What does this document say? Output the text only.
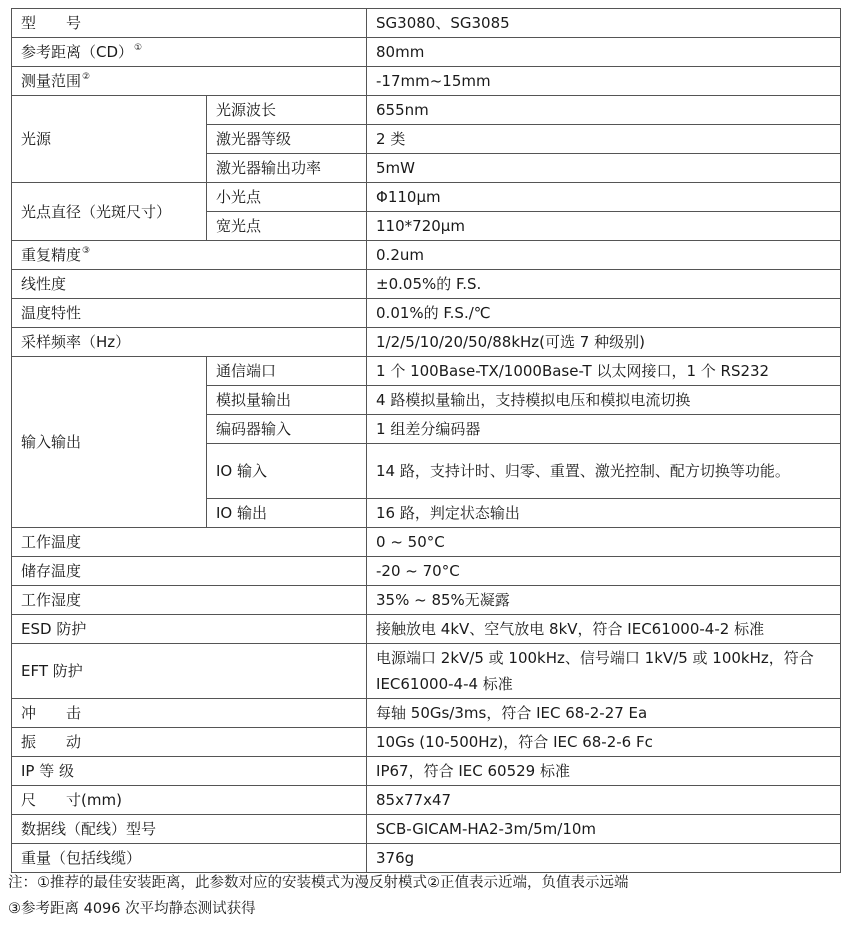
型　　号		SG3080、SG3085
参考距离（CD）①		80mm
测量范围②		-17mm~15mm
光源	光源波长	655nm
	激光器等级	2 类
	激光器输出功率	5mW
光点直径（光斑尺寸）	小光点	Φ110μm
	宽光点	110*720μm
重复精度③		0.2um
线性度		±0.05%的 F.S.
温度特性		0.01%的 F.S./℃
采样频率（Hz）		1/2/5/10/20/50/88kHz(可选 7 种级别)
输入输出	通信端口	1 个 100Base-TX/1000Base-T 以太网接口，1 个 RS232
	模拟量输出	4 路模拟量输出，支持模拟电压和模拟电流切换
	编码器输入	1 组差分编码器
	IO 输入	14 路，支持计时、归零、重置、激光控制、配方切换等功能。
	IO 输出	16 路，判定状态输出
工作温度		0 ~ 50°C
储存温度		-20 ~ 70°C
工作湿度		35% ~ 85%无凝露
ESD 防护		接触放电 4kV、空气放电 8kV，符合 IEC61000-4-2 标准
EFT 防护		电源端口 2kV/5 或 100kHz、信号端口 1kV/5 或 100kHz，符合 IEC61000-4-4 标准
冲　　击		每轴 50Gs/3ms，符合 IEC 68-2-27 Ea
振　　动		10Gs (10-500Hz)，符合 IEC 68-2-6 Fc
IP 等 级		IP67，符合 IEC 60529 标准
尺　　寸(mm)		85x77x47
数据线（配线）型号		SCB-GICAM-HA2-3m/5m/10m
重量（包括线缆）		376g
注：①推荐的最佳安装距离，此参数对应的安装模式为漫反射模式②正值表示近端，负值表示远端
③参考距离 4096 次平均静态测试获得
